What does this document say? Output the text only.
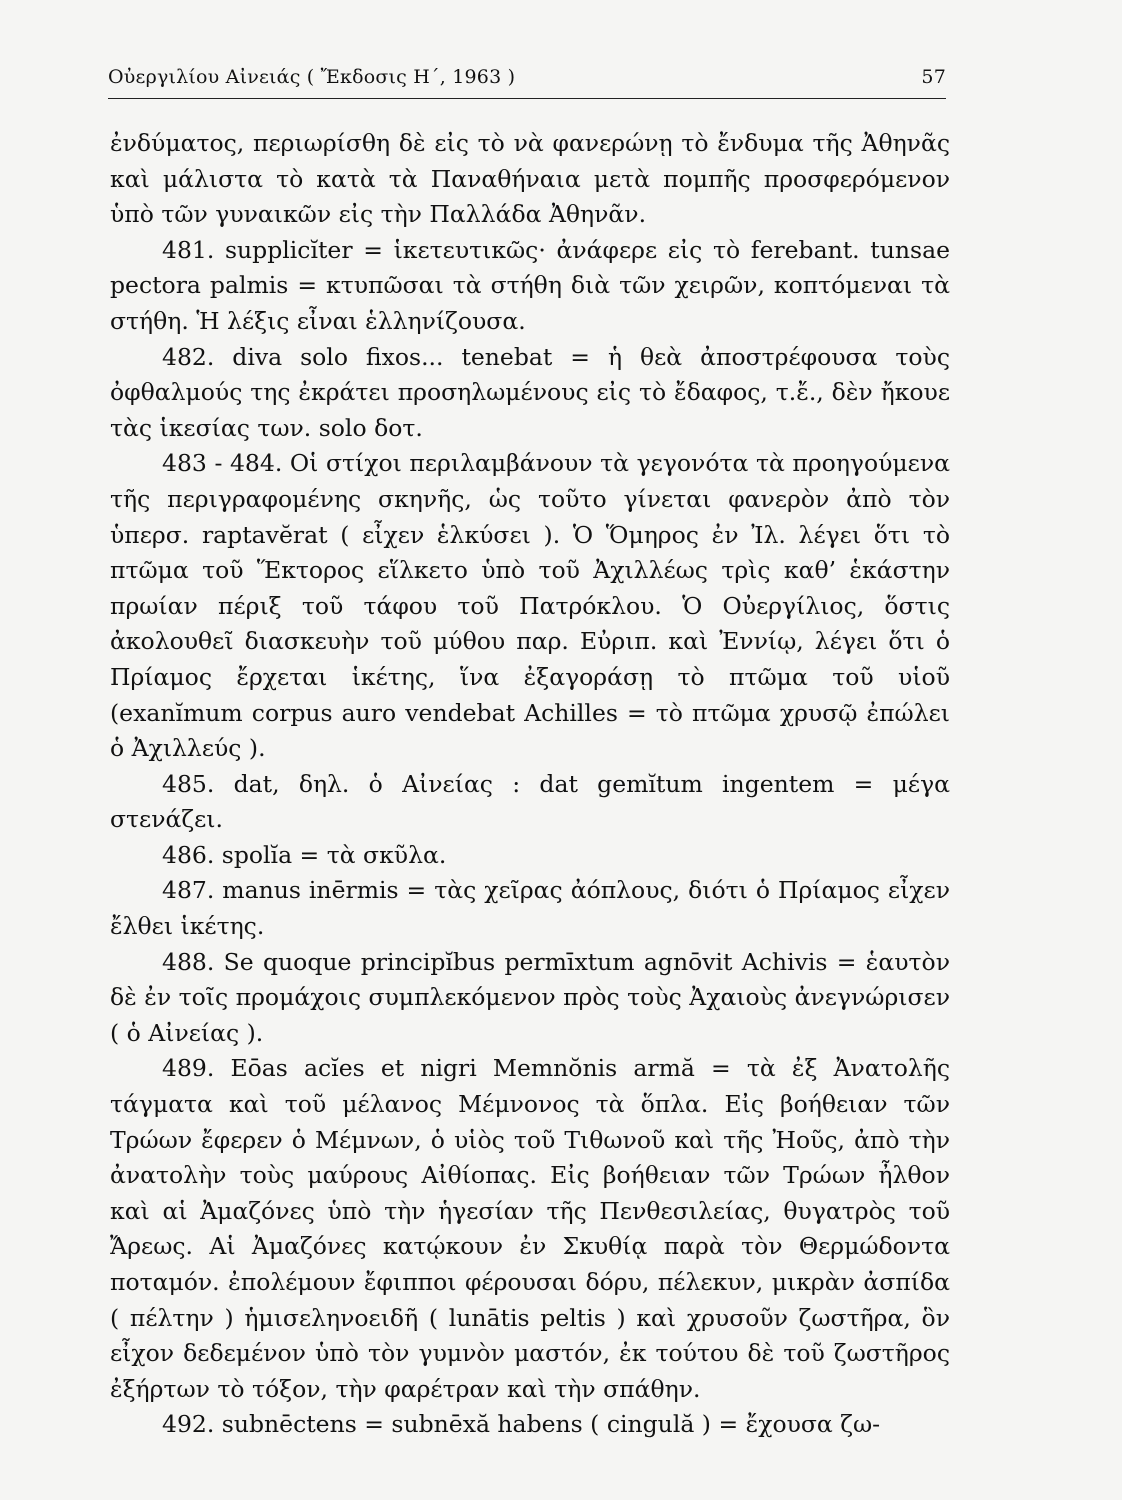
Οὐεργιλίου Αἰνειάς ( Ἔκδοσις Η΄, 1963 )	57

ἐνδύματος, περιωρίσθη δὲ εἰς τὸ νὰ φανερώνῃ τὸ ἔνδυμα τῆς Ἀθηνᾶς καὶ μάλιστα τὸ κατὰ τὰ Παναθήναια μετὰ πομπῆς προσφερόμενον ὑπὸ τῶν γυναικῶν εἰς τὴν Παλλάδα Ἀθηνᾶν.

481. supplicĭter = ἱκετευτικῶς· ἀνάφερε εἰς τὸ ferebant. tunsae pectora palmis = κτυπῶσαι τὰ στήθη διὰ τῶν χειρῶν, κοπτόμεναι τὰ στήθη. Ἡ λέξις εἶναι ἑλληνίζουσα.

482. diva solo fixos... tenebat = ἡ θεὰ ἀποστρέφουσα τοὺς ὀφθαλμούς της ἐκράτει προσηλωμένους εἰς τὸ ἔδαφος, τ.ἔ., δὲν ἤκουε τὰς ἱκεσίας των. solo δοτ.

483 - 484. Οἱ στίχοι περιλαμβάνουν τὰ γεγονότα τὰ προηγούμενα τῆς περιγραφομένης σκηνῆς, ὡς τοῦτο γίνεται φανερὸν ἀπὸ τὸν ὑπερσ. raptavĕrat ( εἶχεν ἑλκύσει ). Ὁ Ὅμηρος ἐν Ἰλ. λέγει ὅτι τὸ πτῶμα τοῦ Ἕκτορος εἵλκετο ὑπὸ τοῦ Ἀχιλλέως τρὶς καθ’ ἑκάστην πρωίαν πέριξ τοῦ τάφου τοῦ Πατρόκλου. Ὁ Οὐεργίλιος, ὅστις ἀκολουθεῖ διασκευὴν τοῦ μύθου παρ. Εὐριπ. καὶ Ἐννίῳ, λέγει ὅτι ὁ Πρίαμος ἔρχεται ἱκέτης, ἵνα ἐξαγοράσῃ τὸ πτῶμα τοῦ υἱοῦ (exanĭmum corpus auro vendebat Achilles = τὸ πτῶμα χρυσῷ ἐπώλει ὁ Ἀχιλλεύς ).

485. dat, δηλ. ὁ Αἰνείας : dat gemĭtum ingentem = μέγα στενάζει.

486. spolĭa = τὰ σκῦλα.

487. manus inērmis = τὰς χεῖρας ἀόπλους, διότι ὁ Πρίαμος εἶχεν ἔλθει ἱκέτης.

488. Se quoque principĭbus permīxtum agnōvit Achivis = ἑαυτὸν δὲ ἐν τοῖς προμάχοις συμπλεκόμενον πρὸς τοὺς Ἀχαιοὺς ἀνεγνώρισεν ( ὁ Αἰνείας ).

489. Eōas acĭes et nigri Memnŏnis armă = τὰ ἐξ Ἀνατολῆς τάγματα καὶ τοῦ μέλανος Μέμνονος τὰ ὅπλα. Εἰς βοήθειαν τῶν Τρώων ἔφερεν ὁ Μέμνων, ὁ υἱὸς τοῦ Τιθωνοῦ καὶ τῆς Ἠοῦς, ἀπὸ τὴν ἀνατολὴν τοὺς μαύρους Αἰθίοπας. Εἰς βοήθειαν τῶν Τρώων ἦλθον καὶ αἱ Ἀμαζόνες ὑπὸ τὴν ἡγεσίαν τῆς Πενθεσιλείας, θυγατρὸς τοῦ Ἄρεως. Αἱ Ἀμαζόνες κατῴκουν ἐν Σκυθίᾳ παρὰ τὸν Θερμώδοντα ποταμόν. ἐπολέμουν ἔφιπποι φέρουσαι δόρυ, πέλεκυν, μικρὰν ἀσπίδα ( πέλτην ) ἡμισεληνοειδῆ ( lunātis peltis ) καὶ χρυσοῦν ζωστῆρα, ὃν εἶχον δεδεμένον ὑπὸ τὸν γυμνὸν μαστόν, ἐκ τούτου δὲ τοῦ ζωστῆρος ἐξήρτων τὸ τόξον, τὴν φαρέτραν καὶ τὴν σπάθην.

492. subnēctens = subnēxă habens ( cingulă ) = ἔχουσα ζω-
